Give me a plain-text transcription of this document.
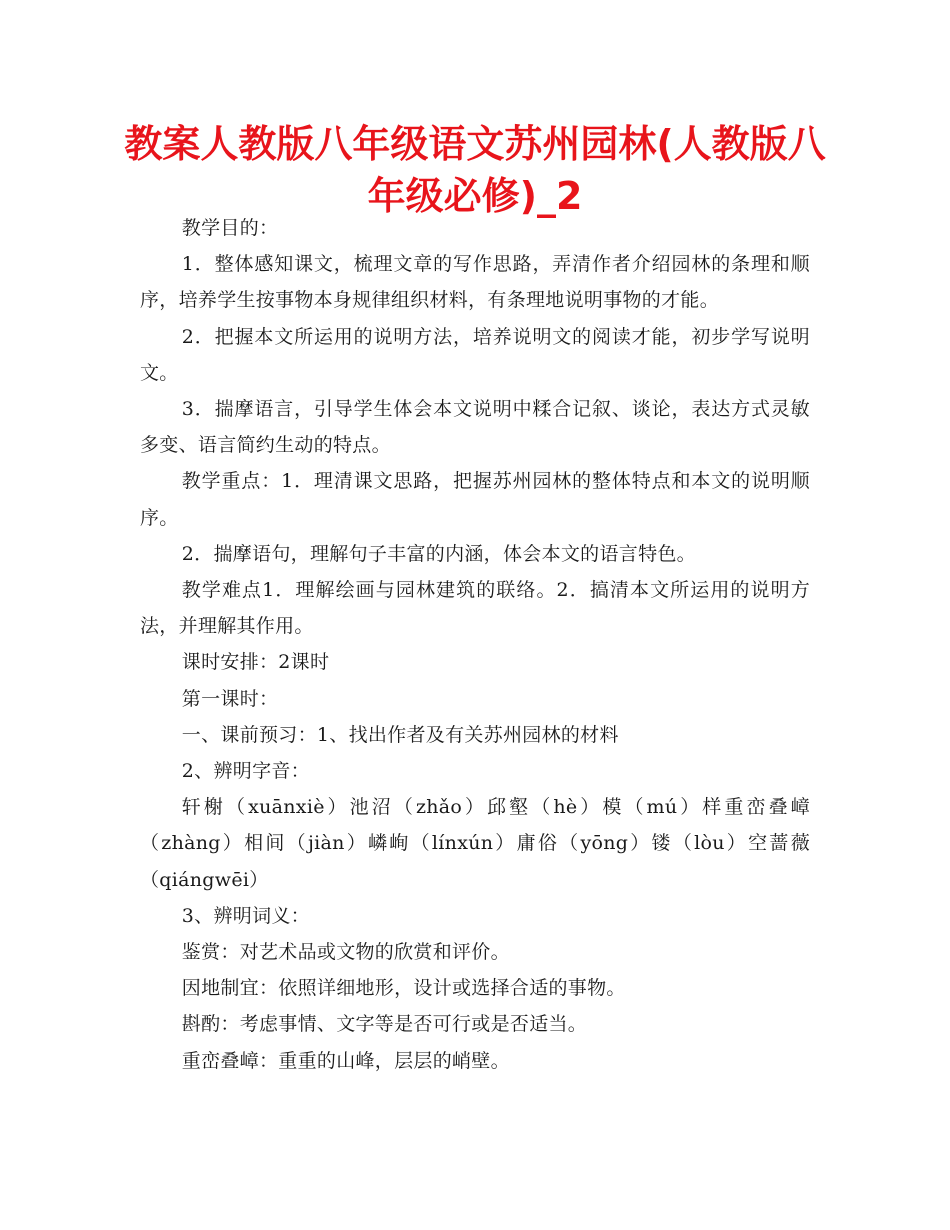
教案人教版八年级语文苏州园林(人教版八年级必修)_2

教学目的：

1．整体感知课文，梳理文章的写作思路，弄清作者介绍园林的条理和顺序，培养学生按事物本身规律组织材料，有条理地说明事物的才能。

2．把握本文所运用的说明方法，培养说明文的阅读才能，初步学写说明文。

3．揣摩语言，引导学生体会本文说明中糅合记叙、谈论，表达方式灵敏多变、语言简约生动的特点。

教学重点：1．理清课文思路，把握苏州园林的整体特点和本文的说明顺序。

2．揣摩语句，理解句子丰富的内涵，体会本文的语言特色。

教学难点1．理解绘画与园林建筑的联络。2．搞清本文所运用的说明方法，并理解其作用。

课时安排：2课时

第一课时：

一、课前预习：1、找出作者及有关苏州园林的材料

2、辨明字音：

轩榭（xuānxiè）池沼（zhǎo）邱壑（hè）模（mú）样重峦叠嶂（zhàng）相间（jiàn）嶙峋（línxún）庸俗（yōng）镂（lòu）空蔷薇（qiángwēi）

3、辨明词义：

鉴赏：对艺术品或文物的欣赏和评价。

因地制宜：依照详细地形，设计或选择合适的事物。

斟酌：考虑事情、文字等是否可行或是否适当。

重峦叠嶂：重重的山峰，层层的峭壁。
